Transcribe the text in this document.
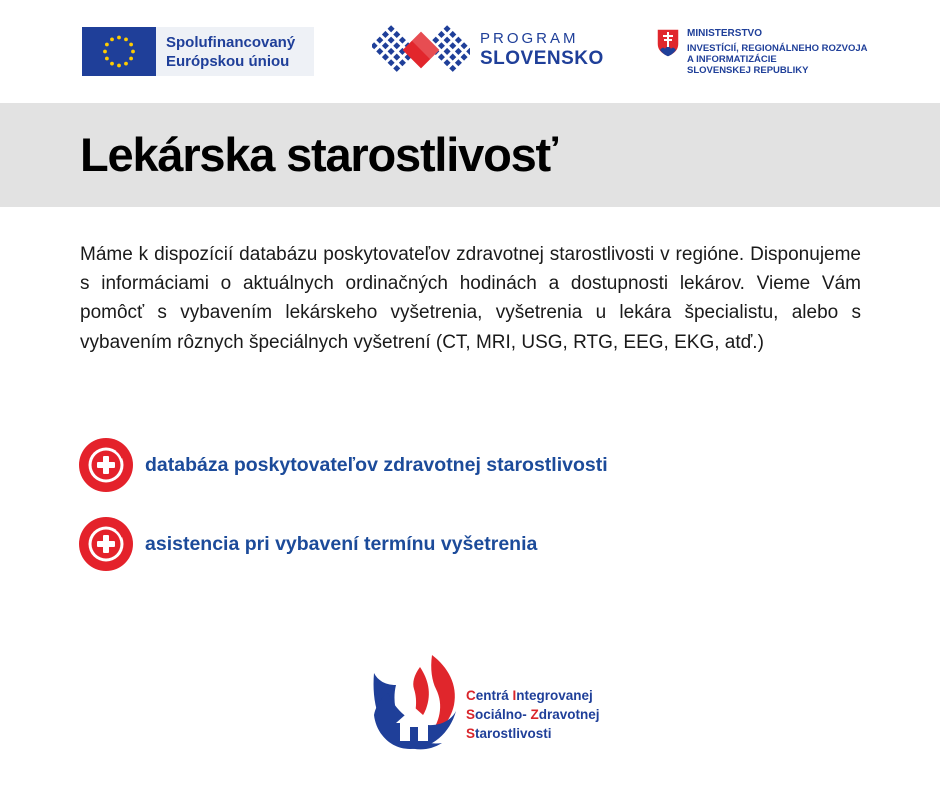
Spolufinancovaný
Európskou úniou
PROGRAM
SLOVENSKO
MINISTERSTVO
INVESTÍCIÍ, REGIONÁLNEHO ROZVOJA
A INFORMATIZÁCIE
SLOVENSKEJ REPUBLIKY
Lekárska starostlivosť

Máme k dispozícií databázu poskytovateľov zdravotnej starostlivosti v regióne. Disponujeme s informáciami o aktuálnych ordinačných hodinách a dostupnosti lekárov. Vieme Vám pomôcť s vybavením lekárskeho vyšetrenia, vyšetrenia u lekára špecialistu, alebo s vybavením rôznych špeciálnych vyšetrení (CT, MRI, USG, RTG, EEG, EKG, atď.)

databáza poskytovateľov zdravotnej starostlivosti
asistencia pri vybavení termínu vyšetrenia
Centrá Integrovanej
Sociálno- Zdravotnej
Starostlivosti
